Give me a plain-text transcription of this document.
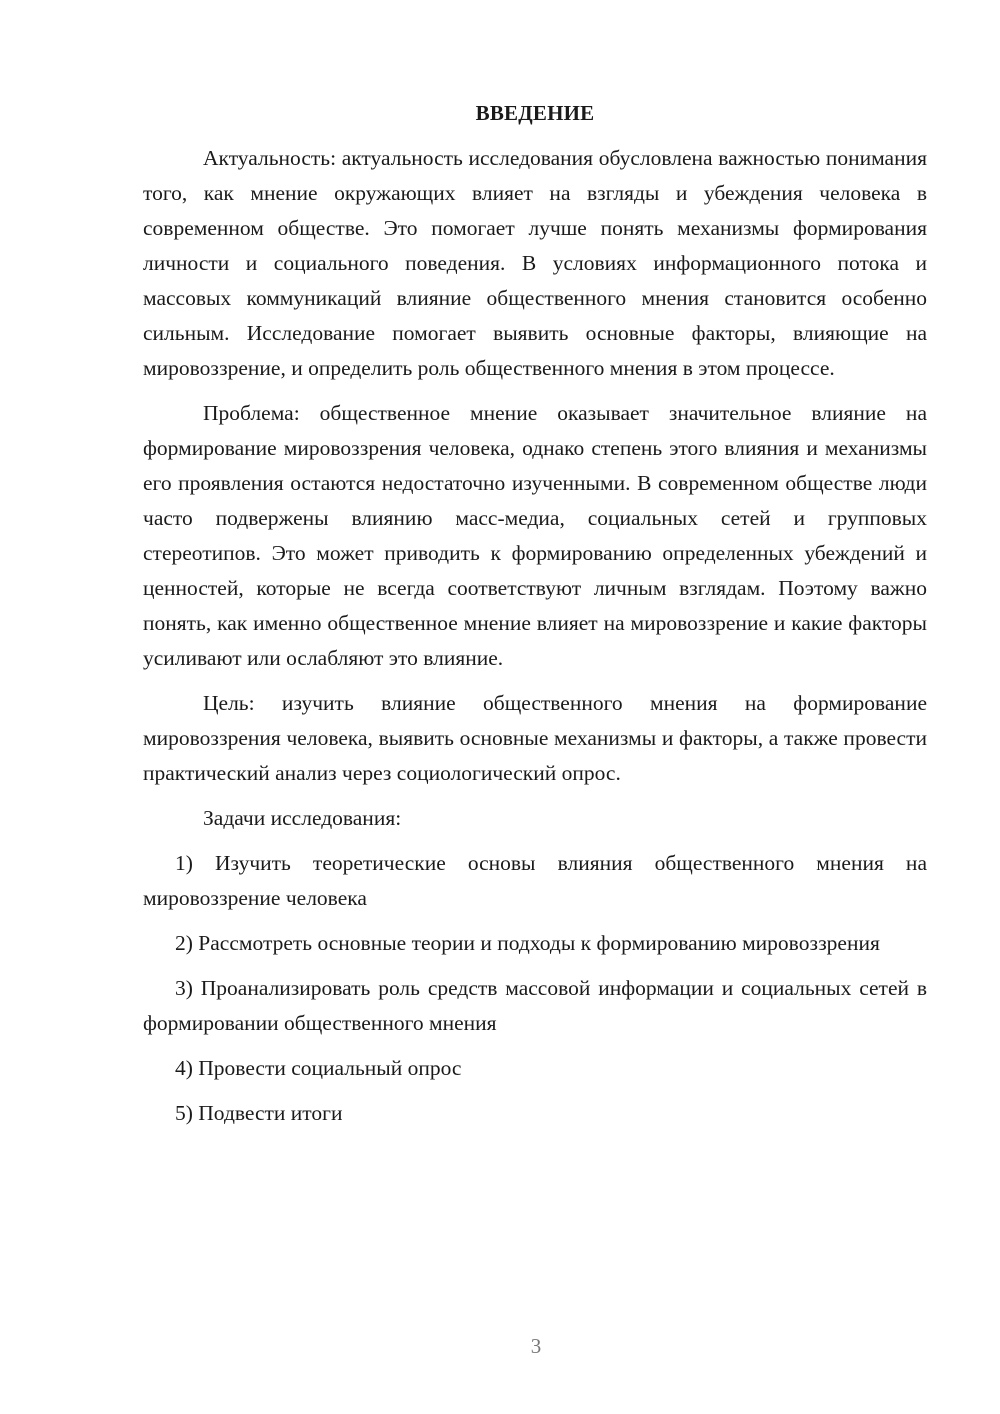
ВВЕДЕНИЕ

Актуальность: актуальность исследования обусловлена важностью понимания того, как мнение окружающих влияет на взгляды и убеждения человека в современном обществе. Это помогает лучше понять механизмы формирования личности и социального поведения. В условиях информационного потока и массовых коммуникаций влияние общественного мнения становится особенно сильным. Исследование помогает выявить основные факторы, влияющие на мировоззрение, и определить роль общественного мнения в этом процессе.

Проблема: общественное мнение оказывает значительное влияние на формирование мировоззрения человека, однако степень этого влияния и механизмы его проявления остаются недостаточно изученными. В современном обществе люди часто подвержены влиянию масс-медиа, социальных сетей и групповых стереотипов. Это может приводить к формированию определенных убеждений и ценностей, которые не всегда соответствуют личным взглядам. Поэтому важно понять, как именно общественное мнение влияет на мировоззрение и какие факторы усиливают или ослабляют это влияние.

Цель: изучить влияние общественного мнения на формирование мировоззрения человека, выявить основные механизмы и факторы, а также провести практический анализ через социологический опрос.

Задачи исследования:

1) Изучить теоретические основы влияния общественного мнения на мировоззрение человека

2) Рассмотреть основные теории и подходы к формированию мировоззрения

3) Проанализировать роль средств массовой информации и социальных сетей в формировании общественного мнения

4) Провести социальный опрос

5) Подвести итоги

3
